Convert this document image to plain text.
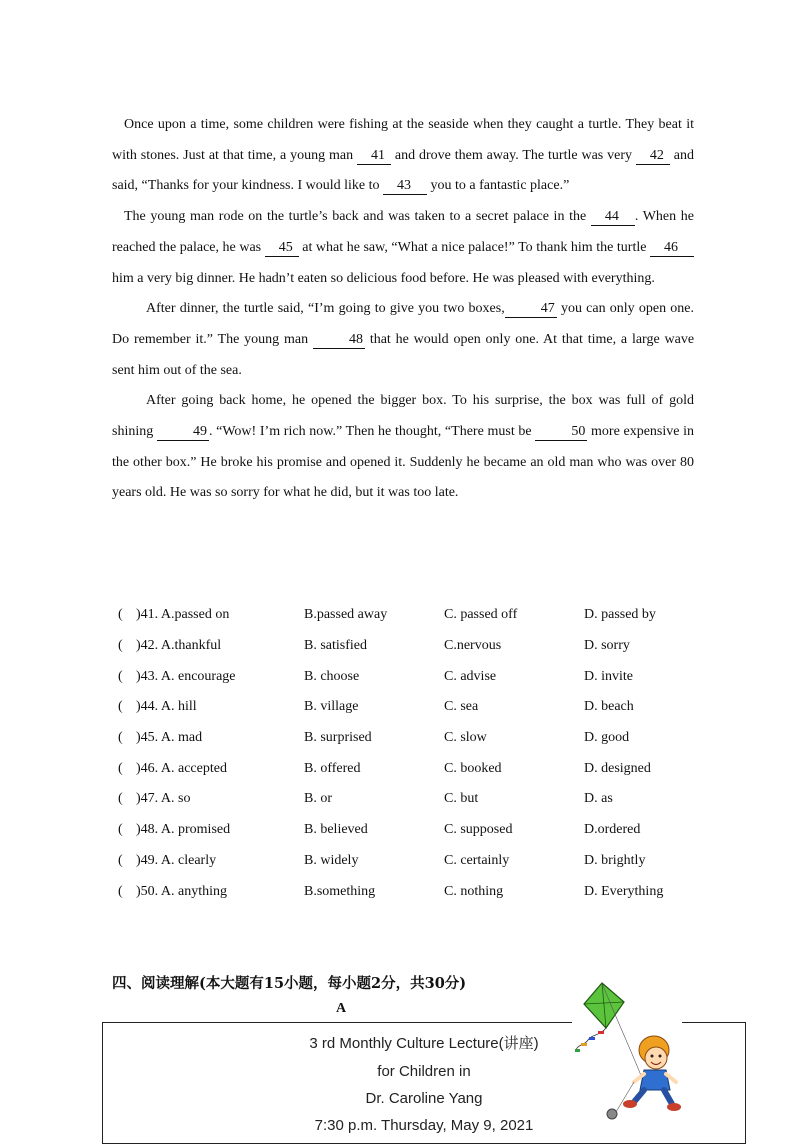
Once upon a time, some children were fishing at the seaside when they caught a turtle. They beat it with stones. Just at that time, a young man 41 and drove them away. The turtle was very 42 and said, “Thanks for your kindness. I would like to 43 you to a fantastic place.”

The young man rode on the turtle’s back and was taken to a secret palace in the 44 . When he reached the palace, he was 45 at what he saw, “What a nice palace!” To thank him the turtle 46 him a very big dinner. He hadn’t eaten so delicious food before. He was pleased with everything.

After dinner, the turtle said, “I’m going to give you two boxes,	47 you can only open one. Do remember it.” The young man	48 that he would open only one. At that time, a large wave sent him out of the sea.

After going back home, he opened the bigger box. To his surprise, the box was full of gold shining	49 . “Wow! I’m rich now.” Then he thought, “There must be	50 more expensive in the other box.” He broke his promise and opened it. Suddenly he became an old man who was over 80 years old. He was so sorry for what he did, but it was too late.

( )41. A.passed on	B.passed away	C. passed off	D. passed by
( )42. A.thankful	B. satisfied	C.nervous	D. sorry
( )43. A. encourage	B. choose	C. advise	D. invite
( )44. A. hill	B. village	C. sea	D. beach
( )45. A. mad	B. surprised	C. slow	D. good
( )46. A. accepted	B. offered	C. booked	D. designed
( )47. A. so	B. or	C. but	D. as
( )48. A. promised	B. believed	C. supposed	D.ordered
( )49. A. clearly	B. widely	C. certainly	D. brightly
( )50. A. anything	B.something	C. nothing	D. Everything
四、阅读理解(本大题有15小题，每小题2分，共30分)
A
3 rd Monthly Culture Lecture(讲座)
for Children in
Dr. Caroline Yang
7:30 p.m. Thursday, May 9, 2021
